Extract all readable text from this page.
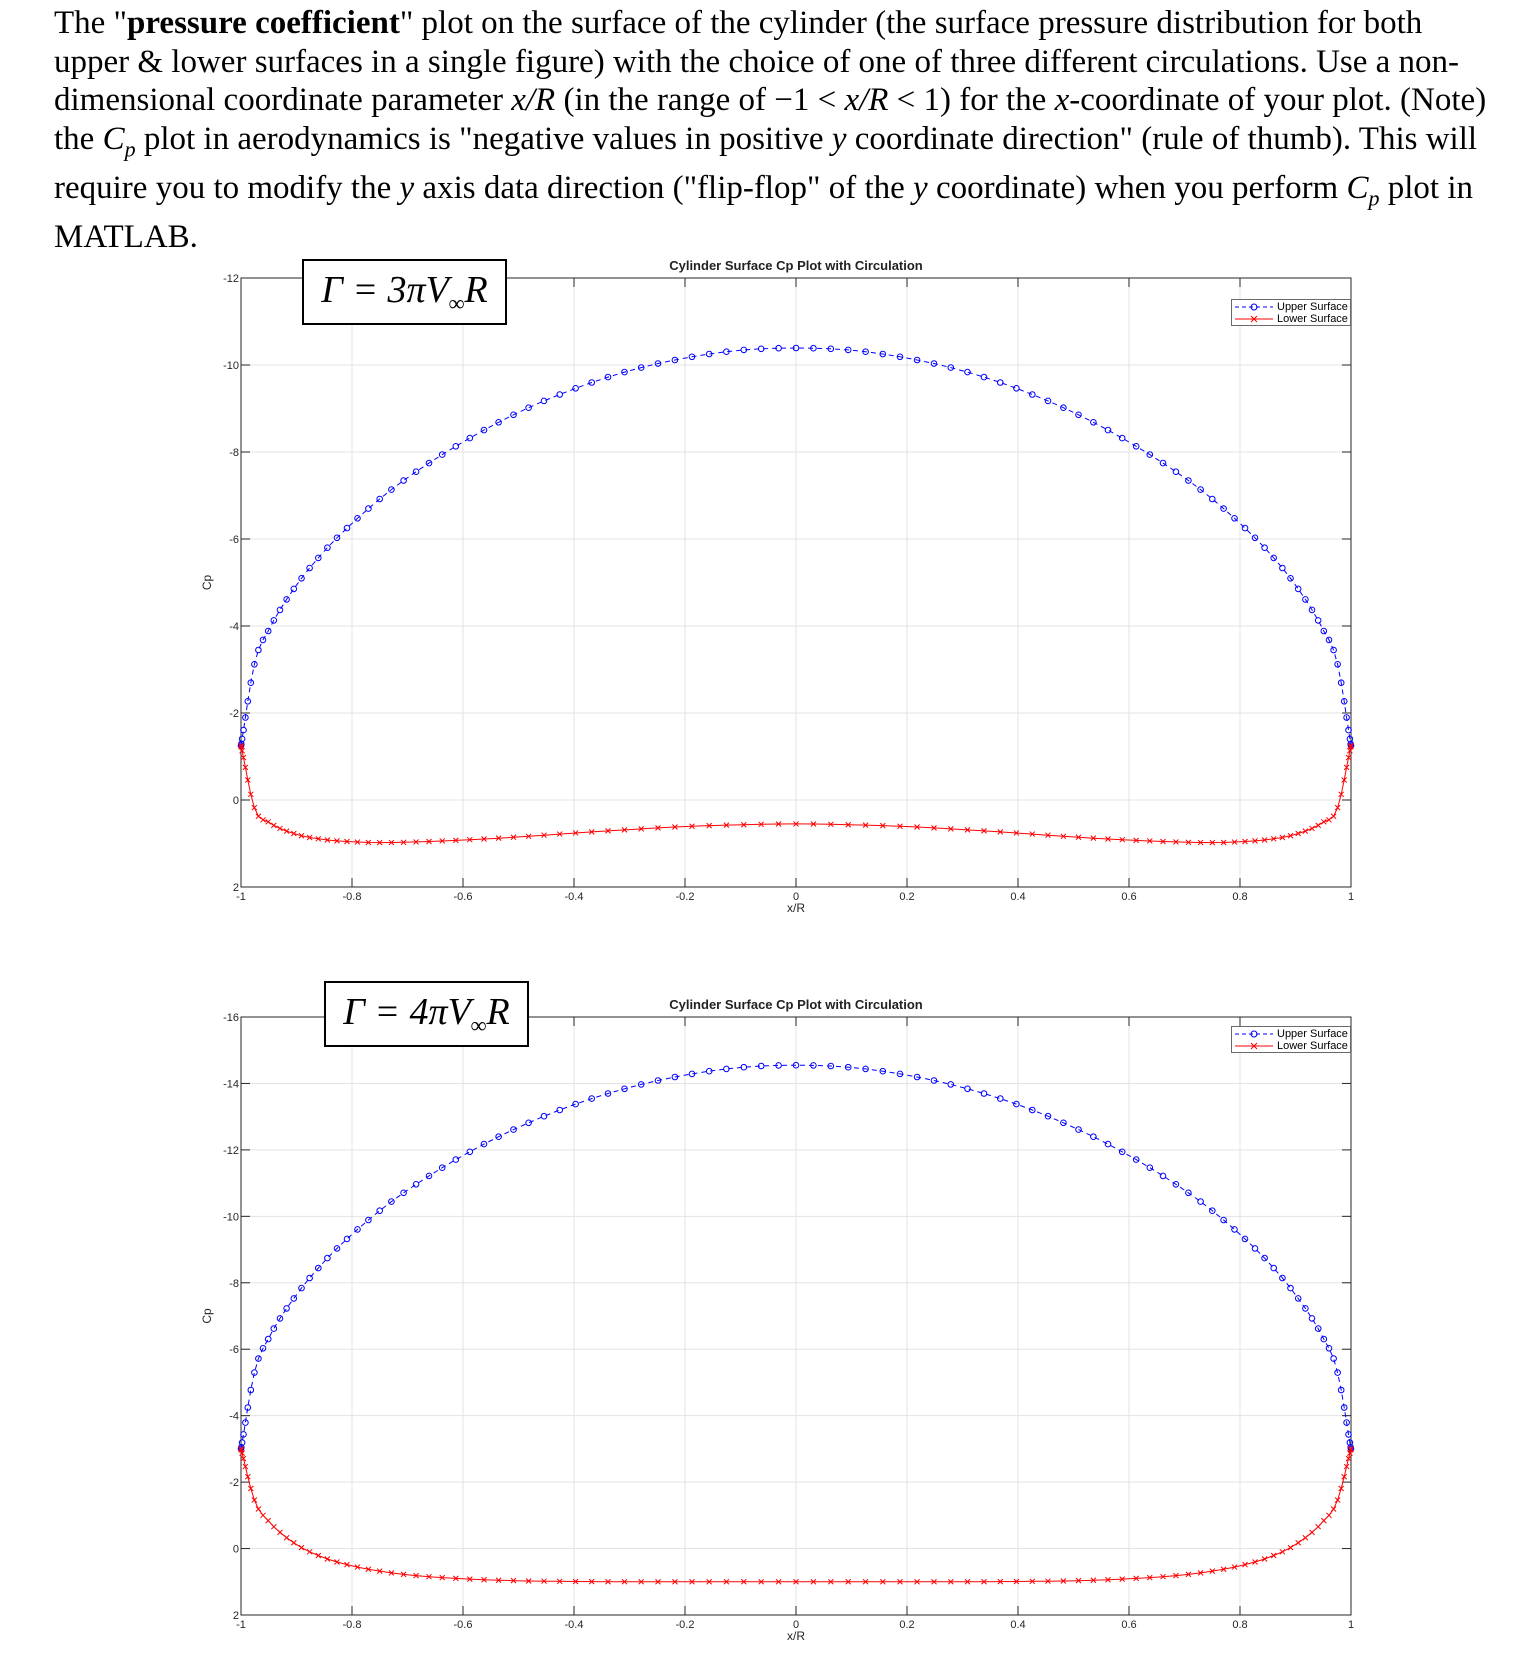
The "pressure coefficient" plot on the surface of the cylinder (the surface pressure distribution for both upper & lower surfaces in a single figure) with the choice of one of three different circulations. Use a non-dimensional coordinate parameter x/R (in the range of −1 < x/R < 1) for the x-coordinate of your plot. (Note) the $C_p$ plot in aerodynamics is "negative values in positive y coordinate direction" (rule of thumb). This will require you to modify the y axis data direction ("flip-flop" of the y coordinate) when you perform $C_p$ plot in MATLAB.

Cylinder Surface Cp Plot with Circulation
-1	-0.8	-0.6	-0.4	-0.2	0	0.2	0.4	0.6	0.8	1
-12
-10
-8
-6
-4
-2
0
2
x/R
Cp
$\Gamma = 3\pi V_\infty R$	Upper Surface
Lower Surface
Cylinder Surface Cp Plot with Circulation
-1	-0.8	-0.6	-0.4	-0.2	0	0.2	0.4	0.6	0.8	1
-16
-14
-12
-10
-8
-6
-4
-2
0
2
x/R
Cp
$\Gamma = 4\pi V_\infty R$
Upper Surface
Lower Surface
